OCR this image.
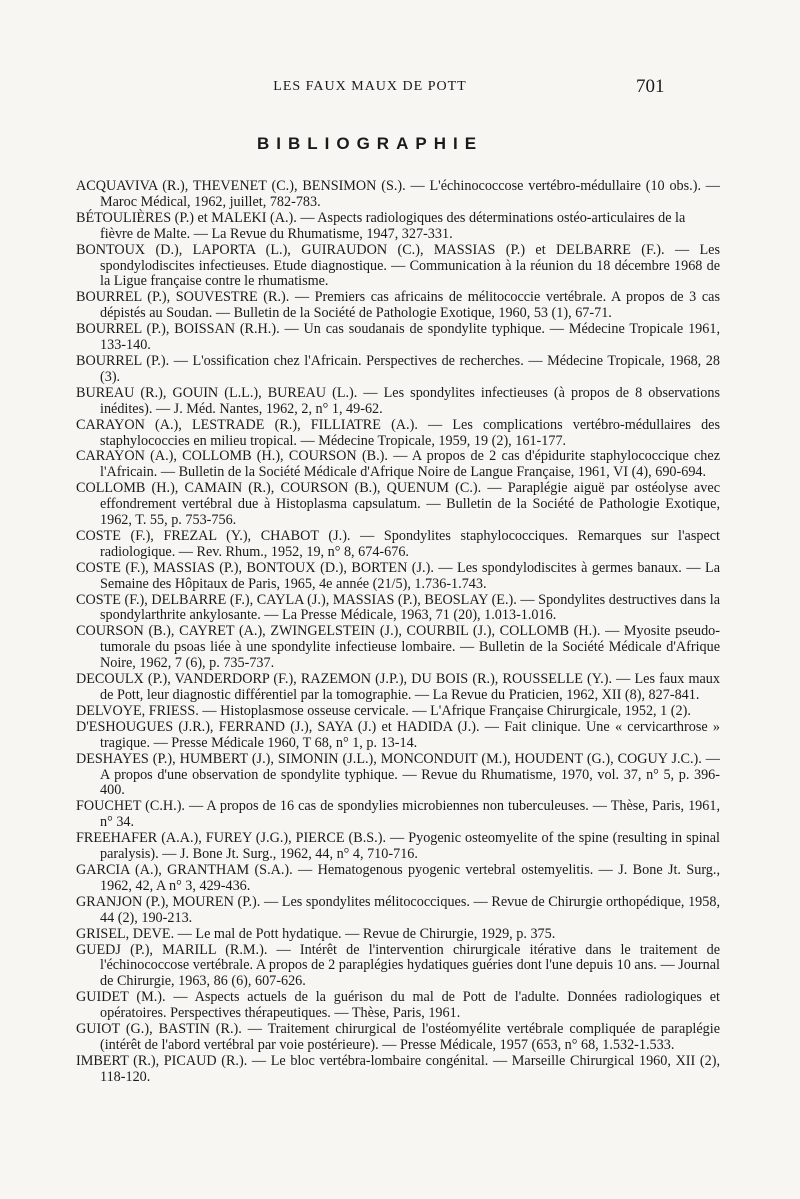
LES FAUX MAUX DE POTT	701
BIBLIOGRAPHIE

ACQUAVIVA (R.), THEVENET (C.), BENSIMON (S.). — L'échinococcose vertébro-médullaire (10 obs.). — Maroc Médical, 1962, juillet, 782-783.

BÉTOULIÈRES (P.) et MALEKI (A.). — Aspects radiologiques des déterminations ostéo-articulaires de la fièvre de Malte. — La Revue du Rhumatisme, 1947, 327-331.

BONTOUX (D.), LAPORTA (L.), GUIRAUDON (C.), MASSIAS (P.) et DELBARRE (F.). — Les spondylodiscites infectieuses. Etude diagnostique. — Communication à la réunion du 18 décembre 1968 de la Ligue française contre le rhumatisme.

BOURREL (P.), SOUVESTRE (R.). — Premiers cas africains de mélitococcie vertébrale. A propos de 3 cas dépistés au Soudan. — Bulletin de la Société de Pathologie Exotique, 1960, 53 (1), 67-71.

BOURREL (P.), BOISSAN (R.H.). — Un cas soudanais de spondylite typhique. — Médecine Tropicale 1961, 133-140.

BOURREL (P.). — L'ossification chez l'Africain. Perspectives de recherches. — Médecine Tropicale, 1968, 28 (3).

BUREAU (R.), GOUIN (L.L.), BUREAU (L.). — Les spondylites infectieuses (à propos de 8 observations inédites). — J. Méd. Nantes, 1962, 2, n° 1, 49-62.

CARAYON (A.), LESTRADE (R.), FILLIATRE (A.). — Les complications vertébro-médullaires des staphylococcies en milieu tropical. — Médecine Tropicale, 1959, 19 (2), 161-177.

CARAYON (A.), COLLOMB (H.), COURSON (B.). — A propos de 2 cas d'épidurite staphylococcique chez l'Africain. — Bulletin de la Société Médicale d'Afrique Noire de Langue Française, 1961, VI (4), 690-694.

COLLOMB (H.), CAMAIN (R.), COURSON (B.), QUENUM (C.). — Paraplégie aiguë par ostéolyse avec effondrement vertébral due à Histoplasma capsulatum. — Bulletin de la Société de Pathologie Exotique, 1962, T. 55, p. 753-756.

COSTE (F.), FREZAL (Y.), CHABOT (J.). — Spondylites staphylococciques. Remarques sur l'aspect radiologique. — Rev. Rhum., 1952, 19, n° 8, 674-676.

COSTE (F.), MASSIAS (P.), BONTOUX (D.), BORTEN (J.). — Les spondylodiscites à germes banaux. — La Semaine des Hôpitaux de Paris, 1965, 4e année (21/5), 1.736-1.743.

COSTE (F.), DELBARRE (F.), CAYLA (J.), MASSIAS (P.), BEOSLAY (E.). — Spondylites destructives dans la spondylarthrite ankylosante. — La Presse Médicale, 1963, 71 (20), 1.013-1.016.

COURSON (B.), CAYRET (A.), ZWINGELSTEIN (J.), COURBIL (J.), COLLOMB (H.). — Myosite pseudo-tumorale du psoas liée à une spondylite infectieuse lombaire. — Bulletin de la Société Médicale d'Afrique Noire, 1962, 7 (6), p. 735-737.

DECOULX (P.), VANDERDORP (F.), RAZEMON (J.P.), DU BOIS (R.), ROUSSELLE (Y.). — Les faux maux de Pott, leur diagnostic différentiel par la tomographie. — La Revue du Praticien, 1962, XII (8), 827-841.

DELVOYE, FRIESS. — Histoplasmose osseuse cervicale. — L'Afrique Française Chirurgicale, 1952, 1 (2).

D'ESHOUGUES (J.R.), FERRAND (J.), SAYA (J.) et HADIDA (J.). — Fait clinique. Une « cervicarthrose » tragique. — Presse Médicale 1960, T 68, n° 1, p. 13-14.

DESHAYES (P.), HUMBERT (J.), SIMONIN (J.L.), MONCONDUIT (M.), HOUDENT (G.), COGUY J.C.). — A propos d'une observation de spondylite typhique. — Revue du Rhumatisme, 1970, vol. 37, n° 5, p. 396-400.

FOUCHET (C.H.). — A propos de 16 cas de spondylies microbiennes non tuberculeuses. — Thèse, Paris, 1961, n° 34.

FREEHAFER (A.A.), FUREY (J.G.), PIERCE (B.S.). — Pyogenic osteomyelite of the spine (resulting in spinal paralysis). — J. Bone Jt. Surg., 1962, 44, n° 4, 710-716.

GARCIA (A.), GRANTHAM (S.A.). — Hematogenous pyogenic vertebral ostemyelitis. — J. Bone Jt. Surg., 1962, 42, A n° 3, 429-436.

GRANJON (P.), MOUREN (P.). — Les spondylites mélitococciques. — Revue de Chirurgie orthopédique, 1958, 44 (2), 190-213.

GRISEL, DEVE. — Le mal de Pott hydatique. — Revue de Chirurgie, 1929, p. 375.

GUEDJ (P.), MARILL (R.M.). — Intérêt de l'intervention chirurgicale itérative dans le traitement de l'échinococcose vertébrale. A propos de 2 paraplégies hydatiques guéries dont l'une depuis 10 ans. — Journal de Chirurgie, 1963, 86 (6), 607-626.

GUIDET (M.). — Aspects actuels de la guérison du mal de Pott de l'adulte. Données radiologiques et opératoires. Perspectives thérapeutiques. — Thèse, Paris, 1961.

GUIOT (G.), BASTIN (R.). — Traitement chirurgical de l'ostéomyélite vertébrale compliquée de paraplégie (intérêt de l'abord vertébral par voie postérieure). — Presse Médicale, 1957 (653, n° 68, 1.532-1.533.

IMBERT (R.), PICAUD (R.). — Le bloc vertébra-lombaire congénital. — Marseille Chirurgical 1960, XII (2), 118-120.
